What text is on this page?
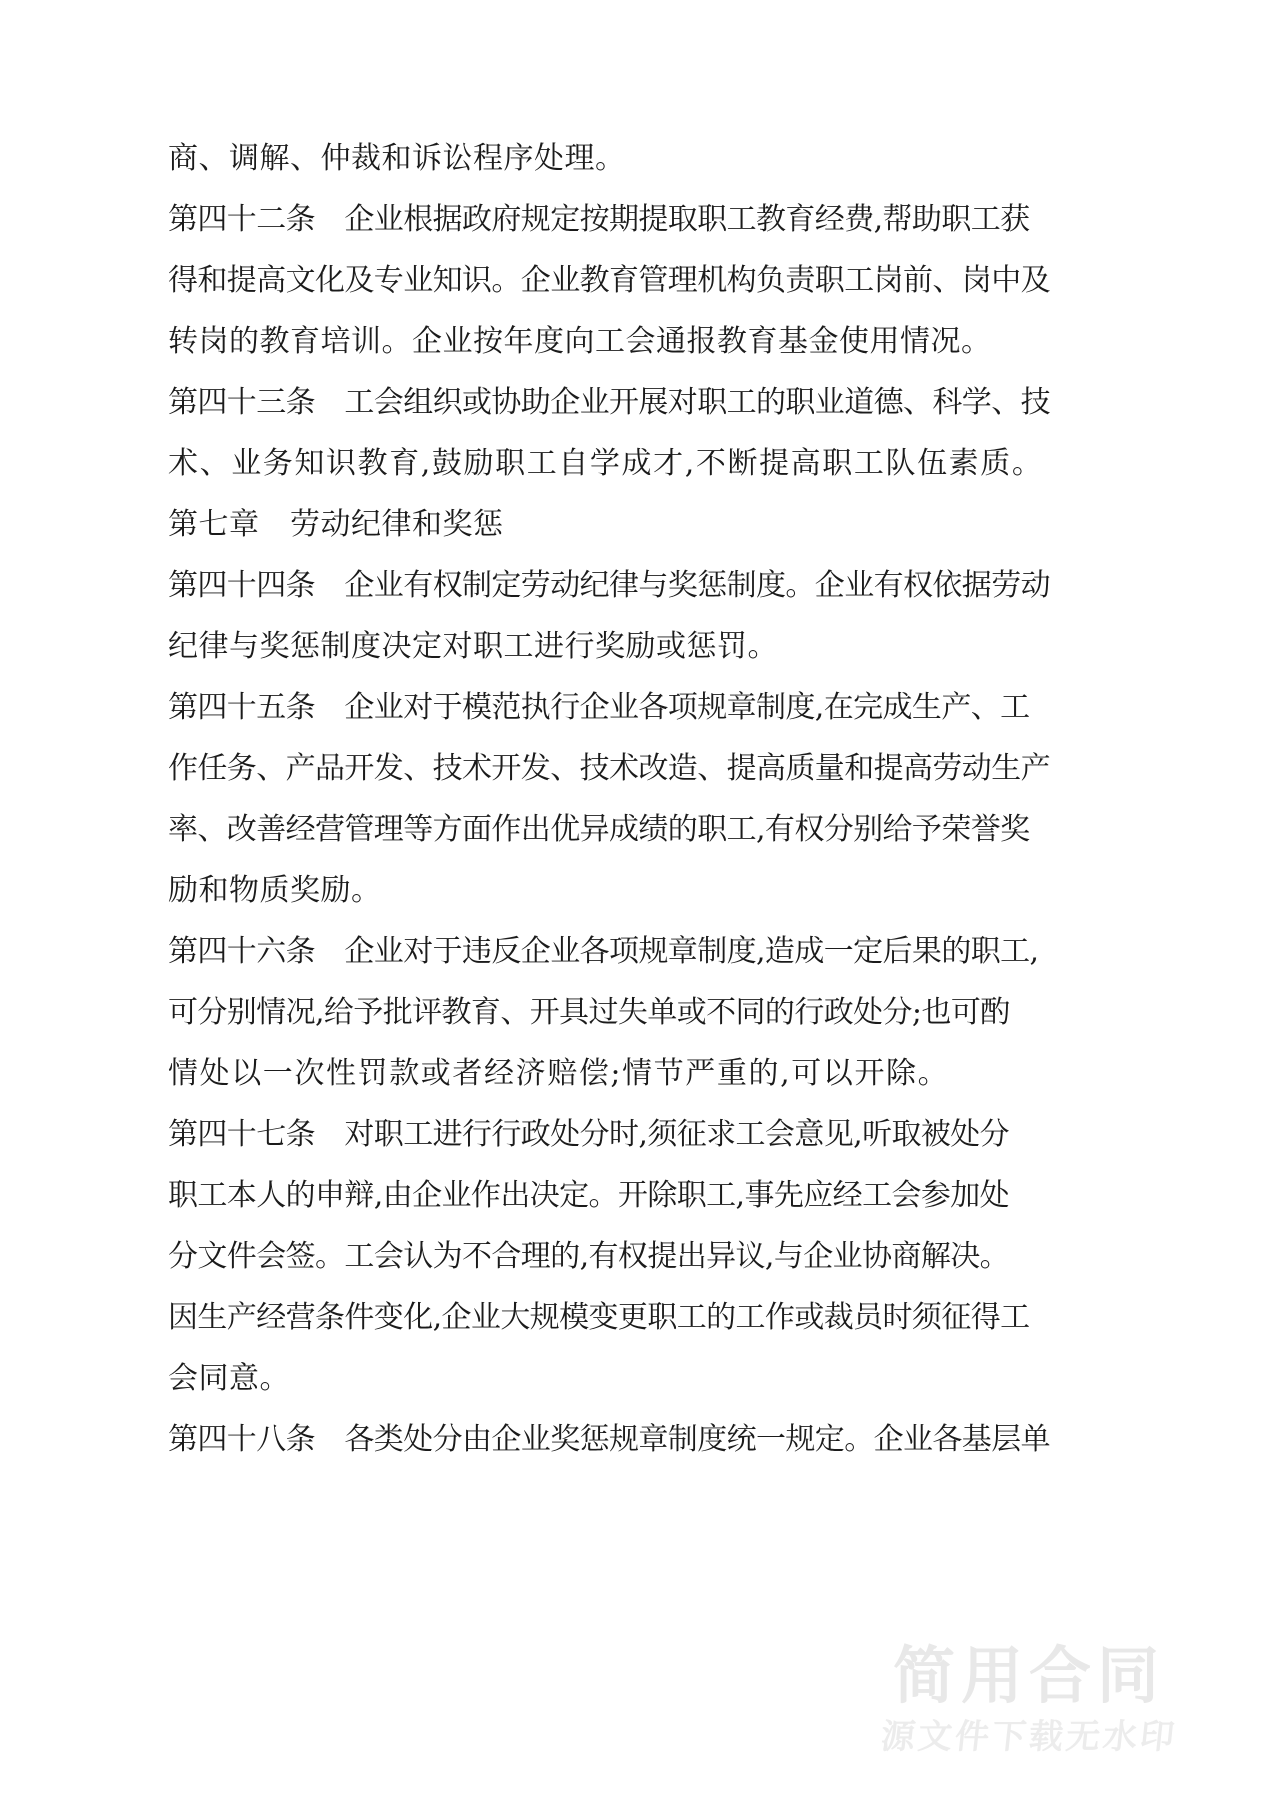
简用合同
源文件下载无水印
商、调解、仲裁和诉讼程序处理。
第四十二条　企业根据政府规定按期提取职工教育经费,帮助职工获
得和提高文化及专业知识。企业教育管理机构负责职工岗前、岗中及
转岗的教育培训。企业按年度向工会通报教育基金使用情况。
第四十三条　工会组织或协助企业开展对职工的职业道德、科学、技
术、业务知识教育,鼓励职工自学成才,不断提高职工队伍素质。
第七章　劳动纪律和奖惩
第四十四条　企业有权制定劳动纪律与奖惩制度。企业有权依据劳动
纪律与奖惩制度决定对职工进行奖励或惩罚。
第四十五条　企业对于模范执行企业各项规章制度,在完成生产、工
作任务、产品开发、技术开发、技术改造、提高质量和提高劳动生产
率、改善经营管理等方面作出优异成绩的职工,有权分别给予荣誉奖
励和物质奖励。
第四十六条　企业对于违反企业各项规章制度,造成一定后果的职工,
可分别情况,给予批评教育、开具过失单或不同的行政处分;也可酌
情处以一次性罚款或者经济赔偿;情节严重的,可以开除。
第四十七条　对职工进行行政处分时,须征求工会意见,听取被处分
职工本人的申辩,由企业作出决定。开除职工,事先应经工会参加处
分文件会签。工会认为不合理的,有权提出异议,与企业协商解决。
因生产经营条件变化,企业大规模变更职工的工作或裁员时须征得工
会同意。
第四十八条　各类处分由企业奖惩规章制度统一规定。企业各基层单
